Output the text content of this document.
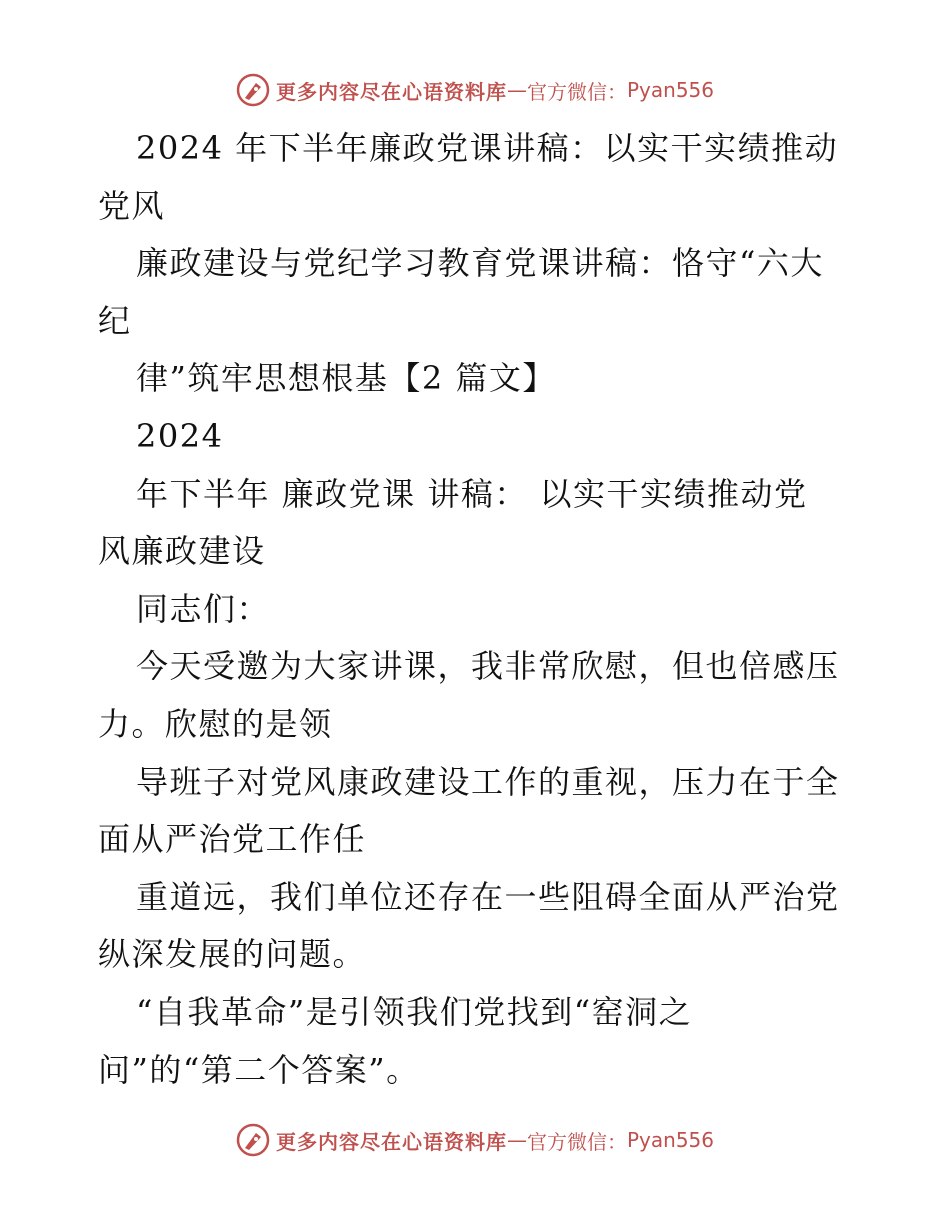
更多内容尽在心语资料库 — 官方微信： Pyan556
2024 年下半年廉政党课讲稿：以实干实绩推动
党风
廉政建设与党纪学习教育党课讲稿：恪守“六大
纪
律”筑牢思想根基【2 篇文】
2024
年下半年 廉政党课 讲稿： 以实干实绩推动党
风廉政建设
同志们：
今天受邀为大家讲课，我非常欣慰，但也倍感压
力。欣慰的是领
导班子对党风康政建设工作的重视，压力在于全
面从严治党工作任
重道远，我们单位还存在一些阻碍全面从严治党
纵深发展的问题。
“自我革命”是引领我们党找到“窑洞之
问”的“第二个答案”。
更多内容尽在心语资料库 — 官方微信： Pyan556
